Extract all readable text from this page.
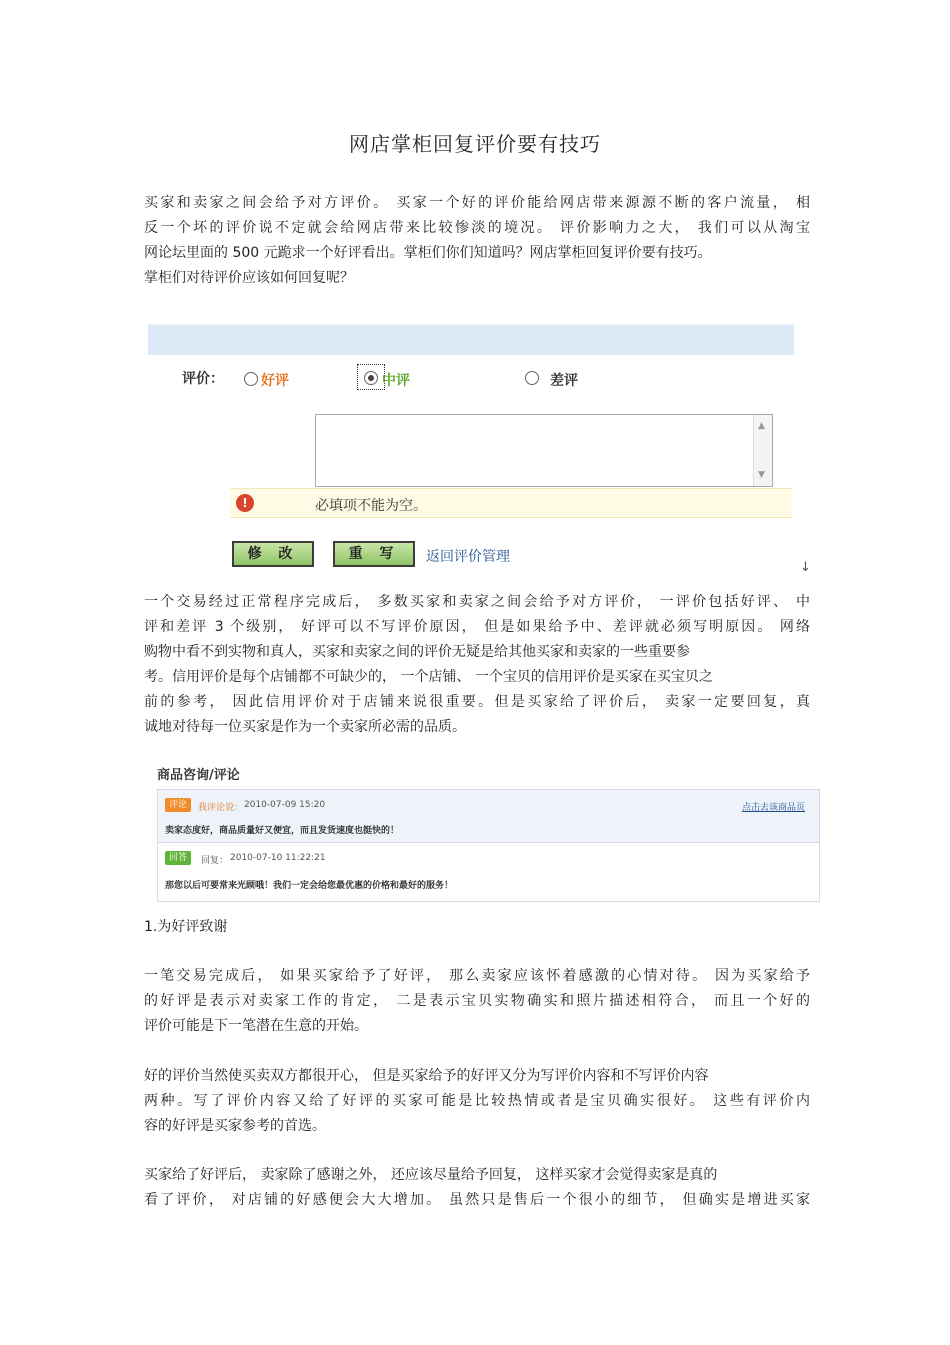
网店掌柜回复评价要有技巧
买家和卖家之间会给予对方评价。 买家一个好的评价能给网店带来源源不断的客户流量， 相
反一个坏的评价说不定就会给网店带来比较惨淡的境况。 评价影响力之大， 我们可以从淘宝
网论坛里面的 500 元跪求一个好评看出。掌柜们你们知道吗？网店掌柜回复评价要有技巧。
掌柜们对待评价应该如何回复呢？
评价：	好评	中评	差评
▲
▼
!	必填项不能为空。
修 改	重 写	返回评价管理
↓
一个交易经过正常程序完成后， 多数买家和卖家之间会给予对方评价， 一评价包括好评、 中
评和差评 3 个级别， 好评可以不写评价原因， 但是如果给予中、差评就必须写明原因。 网络
购物中看不到实物和真人，买家和卖家之间的评价无疑是给其他买家和卖家的一些重要参
考。信用评价是每个店铺都不可缺少的， 一个店铺、 一个宝贝的信用评价是买家在买宝贝之
前的参考， 因此信用评价对于店铺来说很重要。但是买家给了评价后， 卖家一定要回复，真
诚地对待每一位买家是作为一个卖家所必需的品质。
商品咨询/评论
评论	我评论说： 2010-07-09 15:20	点击去该商品页
卖家态度好，商品质量好又便宜，而且发货速度也挺快的！
回答	回复： 2010-07-10 11:22:21
那您以后可要常来光顾哦！我们一定会给您最优惠的价格和最好的服务！
1.为好评致谢
一笔交易完成后， 如果买家给予了好评， 那么卖家应该怀着感激的心情对待。 因为买家给予
的好评是表示对卖家工作的肯定， 二是表示宝贝实物确实和照片描述相符合， 而且一个好的
评价可能是下一笔潜在生意的开始。
好的评价当然使买卖双方都很开心， 但是买家给予的好评又分为写评价内容和不写评价内容
两种。写了评价内容又给了好评的买家可能是比较热情或者是宝贝确实很好。 这些有评价内
容的好评是买家参考的首选。
买家给了好评后， 卖家除了感谢之外， 还应该尽量给予回复， 这样买家才会觉得卖家是真的
看了评价， 对店铺的好感便会大大增加。 虽然只是售后一个很小的细节， 但确实是增进买家
